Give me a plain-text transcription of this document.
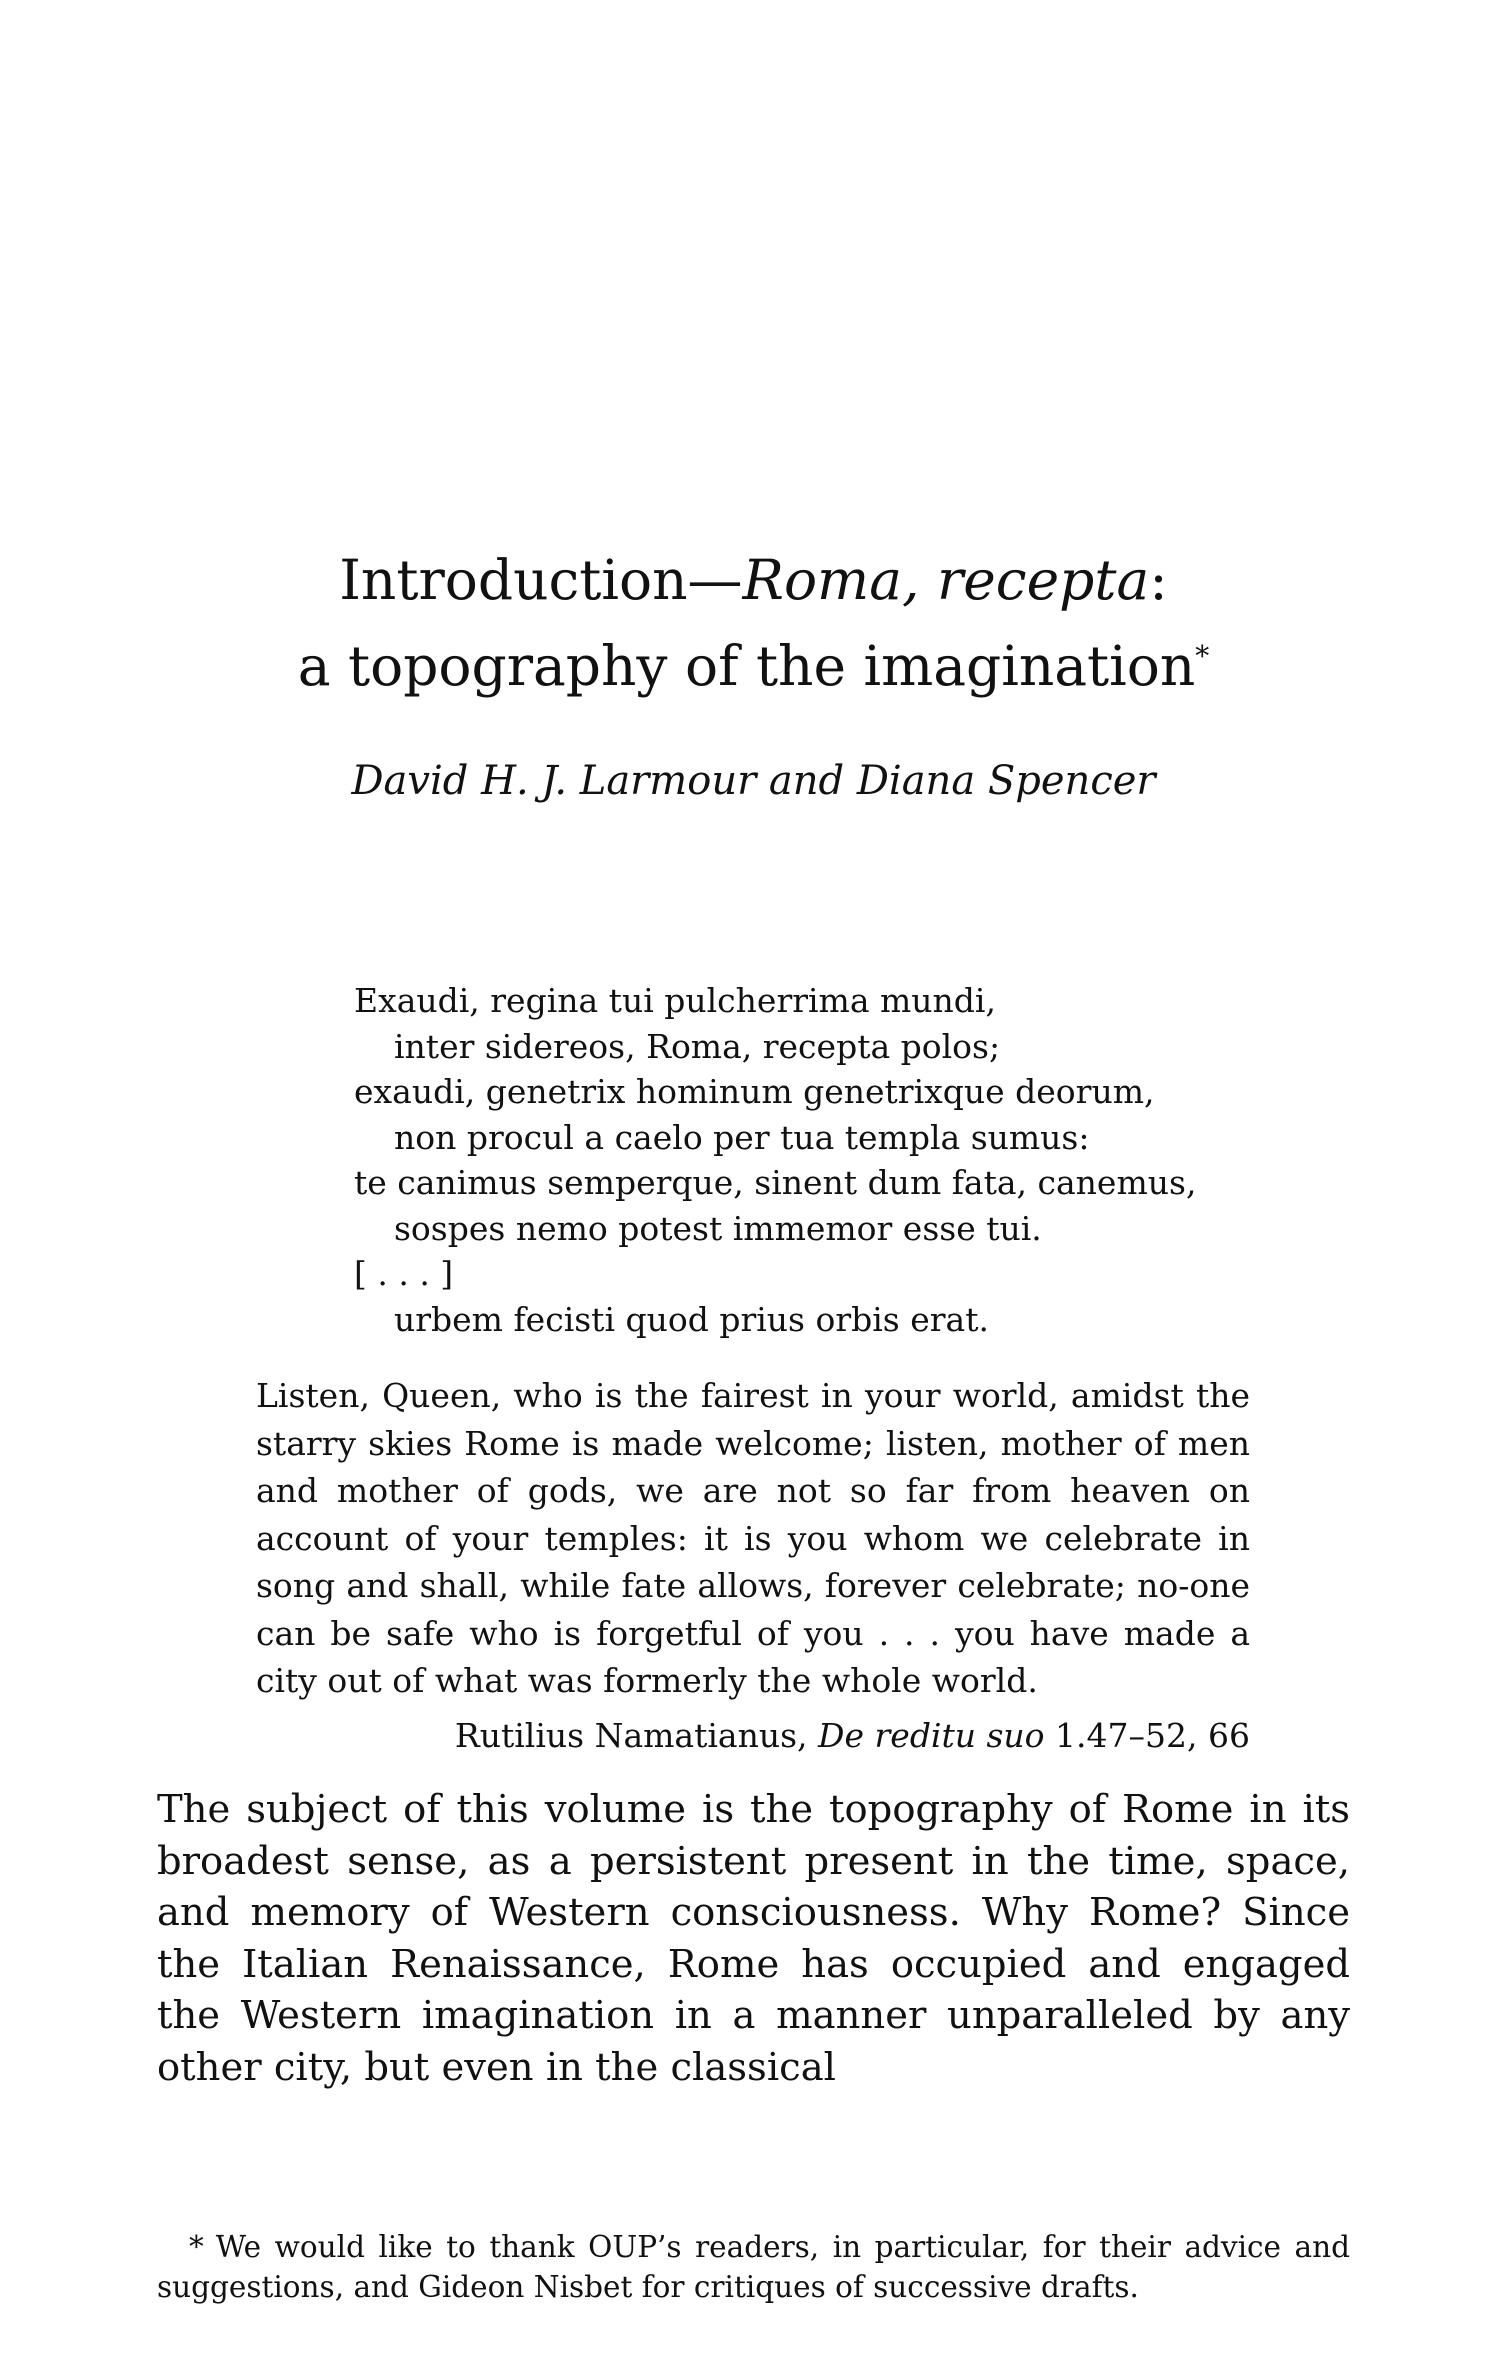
Introduction—Roma, recepta:
a topography of the imagination*
David H. J. Larmour and Diana Spencer
Exaudi, regina tui pulcherrima mundi,
inter sidereos, Roma, recepta polos;
exaudi, genetrix hominum genetrixque deorum,
non procul a caelo per tua templa sumus:
te canimus semperque, sinent dum fata, canemus,
sospes nemo potest immemor esse tui.
[ . . . ]
urbem fecisti quod prius orbis erat.

Listen, Queen, who is the fairest in your world, amidst the starry skies Rome is made welcome; listen, mother of men and mother of gods, we are not so far from heaven on account of your temples: it is you whom we celebrate in song and shall, while fate allows, forever celebrate; no-one can be safe who is forgetful of you . . . you have made a city out of what was formerly the whole world.

Rutilius Namatianus, De reditu suo 1.47–52, 66

The subject of this volume is the topography of Rome in its broadest sense, as a persistent present in the time, space, and memory of Western consciousness. Why Rome? Since the Italian Renaissance, Rome has occupied and engaged the Western imagination in a manner unparalleled by any other city, but even in the classical

* We would like to thank OUP’s readers, in particular, for their advice and suggestions, and Gideon Nisbet for critiques of successive drafts.
